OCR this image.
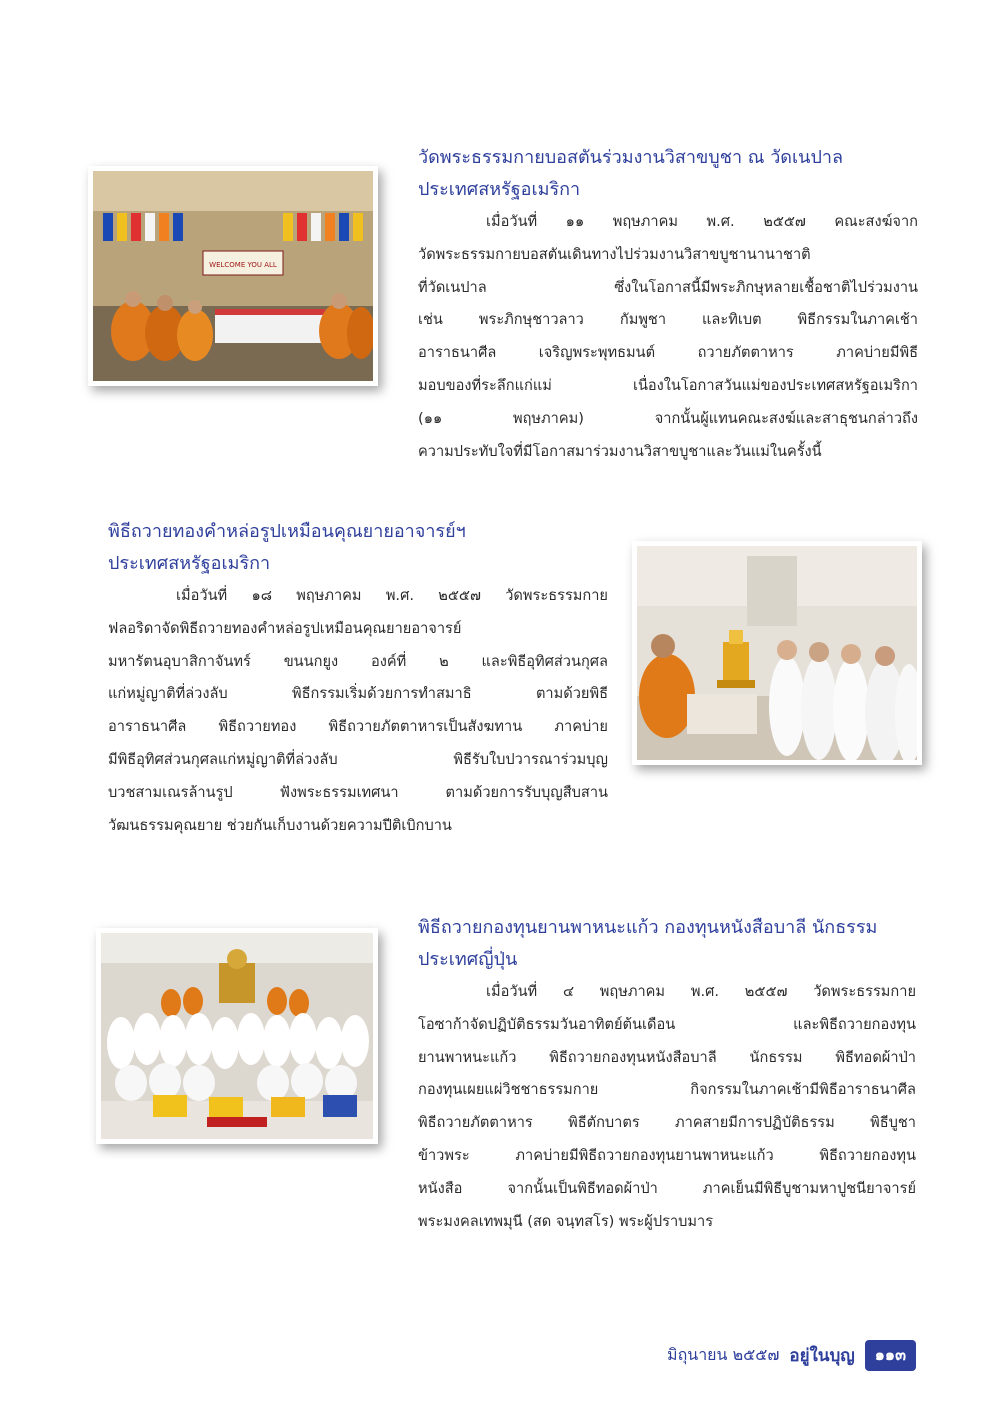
WELCOME YOU ALL
วัดพระธรรมกายบอสตันร่วมงานวิสาขบูชา ณ วัดเนปาล
ประเทศสหรัฐอเมริกา

เมื่อวันที่ ๑๑ พฤษภาคม พ.ศ. ๒๕๕๗ คณะสงฆ์จาก
วัดพระธรรมกายบอสตันเดินทางไปร่วมงานวิสาขบูชานานาชาติ
ที่วัดเนปาล ซึ่งในโอกาสนี้มีพระภิกษุหลายเชื้อชาติไปร่วมงาน
เช่น พระภิกษุชาวลาว กัมพูชา และทิเบต พิธีกรรมในภาคเช้า
อาราธนาศีล เจริญพระพุทธมนต์ ถวายภัตตาหาร ภาคบ่ายมีพิธี
มอบของที่ระลึกแก่แม่ เนื่องในโอกาสวันแม่ของประเทศสหรัฐอเมริกา
(๑๑ พฤษภาคม) จากนั้นผู้แทนคณะสงฆ์และสาธุชนกล่าวถึง
ความประทับใจที่มีโอกาสมาร่วมงานวิสาขบูชาและวันแม่ในครั้งนี้

พิธีถวายทองคำหล่อรูปเหมือนคุณยายอาจารย์ฯ
ประเทศสหรัฐอเมริกา

เมื่อวันที่ ๑๘ พฤษภาคม พ.ศ. ๒๕๕๗ วัดพระธรรมกาย
ฟลอริดาจัดพิธีถวายทองคำหล่อรูปเหมือนคุณยายอาจารย์
มหารัตนอุบาสิกาจันทร์ ขนนกยูง องค์ที่ ๒ และพิธีอุทิศส่วนกุศล
แก่หมู่ญาติที่ล่วงลับ พิธีกรรมเริ่มด้วยการทำสมาธิ ตามด้วยพิธี
อาราธนาศีล พิธีถวายทอง พิธีถวายภัตตาหารเป็นสังฆทาน ภาคบ่าย
มีพิธีอุทิศส่วนกุศลแก่หมู่ญาติที่ล่วงลับ พิธีรับใบปวารณาร่วมบุญ
บวชสามเณรล้านรูป ฟังพระธรรมเทศนา ตามด้วยการรับบุญสืบสาน
วัฒนธรรมคุณยาย ช่วยกันเก็บงานด้วยความปีติเบิกบาน

พิธีถวายกองทุนยานพาหนะแก้ว กองทุนหนังสือบาลี นักธรรม
ประเทศญี่ปุ่น

เมื่อวันที่ ๔ พฤษภาคม พ.ศ. ๒๕๕๗ วัดพระธรรมกาย
โอซาก้าจัดปฏิบัติธรรมวันอาทิตย์ต้นเดือน และพิธีถวายกองทุน
ยานพาหนะแก้ว พิธีถวายกองทุนหนังสือบาลี นักธรรม พิธีทอดผ้าป่า
กองทุนเผยแผ่วิชชาธรรมกาย กิจกรรมในภาคเช้ามีพิธีอาราธนาศีล
พิธีถวายภัตตาหาร พิธีตักบาตร ภาคสายมีการปฏิบัติธรรม พิธีบูชา
ข้าวพระ ภาคบ่ายมีพิธีถวายกองทุนยานพาหนะแก้ว พิธีถวายกองทุน
หนังสือ จากนั้นเป็นพิธีทอดผ้าป่า ภาคเย็นมีพิธีบูชามหาปูชนียาจารย์
พระมงคลเทพมุนี (สด จนฺทสโร) พระผู้ปราบมาร

มิถุนายน ๒๕๕๗ อยู่ในบุญ	๑๑๓
